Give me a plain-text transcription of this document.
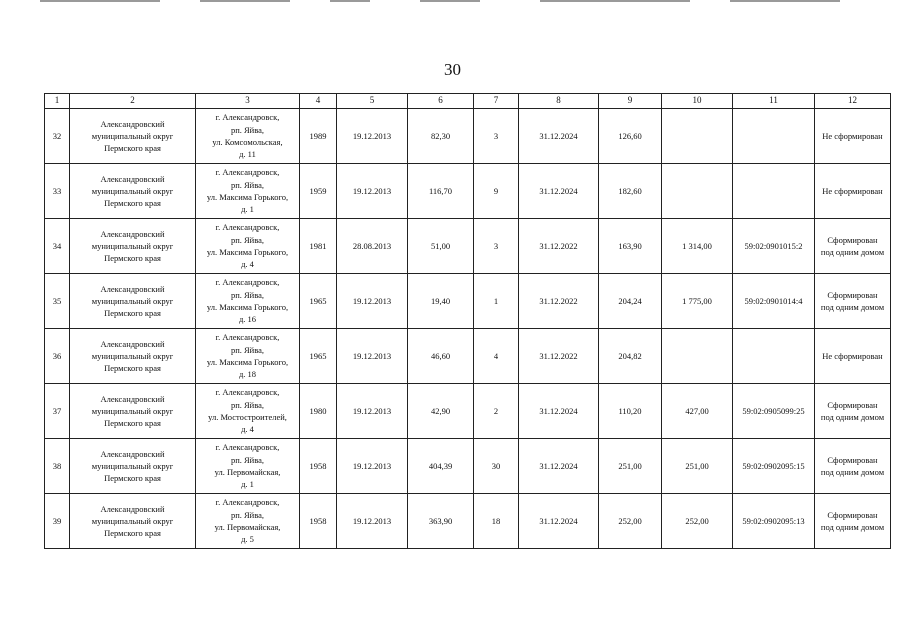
30
1	2	3	4	5	6	7	8	9	10	11	12
32	Александровский
муниципальный округ
Пермского края	г. Александровск,
рп. Яйва,
ул. Комсомольская,
д. 11	1989	19.12.2013	82,30	3	31.12.2024	126,60			Не сформирован

33	Александровский
муниципальный округ
Пермского края	г. Александровск,
рп. Яйва,
ул. Максима Горького,
д. 1	1959	19.12.2013	116,70	9	31.12.2024	182,60			Не сформирован

34	Александровский
муниципальный округ
Пермского края	г. Александровск,
рп. Яйва,
ул. Максима Горького,
д. 4	1981	28.08.2013	51,00	3	31.12.2022	163,90	1 314,00	59:02:0901015:2	Сформирован
под одним домом

35	Александровский
муниципальный округ
Пермского края	г. Александровск,
рп. Яйва,
ул. Максима Горького,
д. 16	1965	19.12.2013	19,40	1	31.12.2022	204,24	1 775,00	59:02:0901014:4	Сформирован
под одним домом

36	Александровский
муниципальный округ
Пермского края	г. Александровск,
рп. Яйва,
ул. Максима Горького,
д. 18	1965	19.12.2013	46,60	4	31.12.2022	204,82			Не сформирован

37	Александровский
муниципальный округ
Пермского края	г. Александровск,
рп. Яйва,
ул. Мостостроителей,
д. 4	1980	19.12.2013	42,90	2	31.12.2024	110,20	427,00	59:02:0905099:25	Сформирован
под одним домом

38	Александровский
муниципальный округ
Пермского края	г. Александровск,
рп. Яйва,
ул. Первомайская,
д. 1	1958	19.12.2013	404,39	30	31.12.2024	251,00	251,00	59:02:0902095:15	Сформирован
под одним домом

39	Александровский
муниципальный округ
Пермского края	г. Александровск,
рп. Яйва,
ул. Первомайская,
д. 5	1958	19.12.2013	363,90	18	31.12.2024	252,00	252,00	59:02:0902095:13	Сформирован
под одним домом
